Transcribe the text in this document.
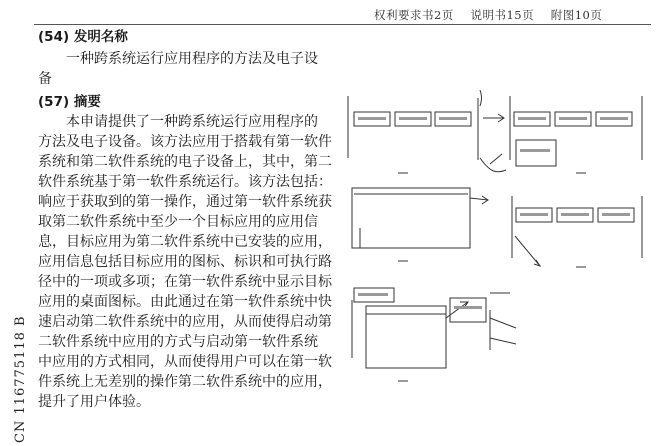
权利要求书2页 说明书15页 附图10页
(54) 发明名称
一种跨系统运行应用程序的方法及电子设
备
(57) 摘要
本申请提供了一种跨系统运行应用程序的
方法及电子设备。该方法应用于搭载有第一软件
系统和第二软件系统的电子设备上，其中，第二
软件系统基于第一软件系统运行。该方法包括：
响应于获取到的第一操作，通过第一软件系统获
取第二软件系统中至少一个目标应用的应用信
息，目标应用为第二软件系统中已安装的应用，
应用信息包括目标应用的图标、标识和可执行路
径中的一项或多项；在第一软件系统中显示目标
应用的桌面图标。由此通过在第一软件系统中快
速启动第二软件系统中的应用，从而使得启动第
二软件系统中应用的方式与启动第一软件系统
中应用的方式相同，从而使得用户可以在第一软
件系统上无差别的操作第二软件系统中的应用，
提升了用户体验。
CN 116775118 B
